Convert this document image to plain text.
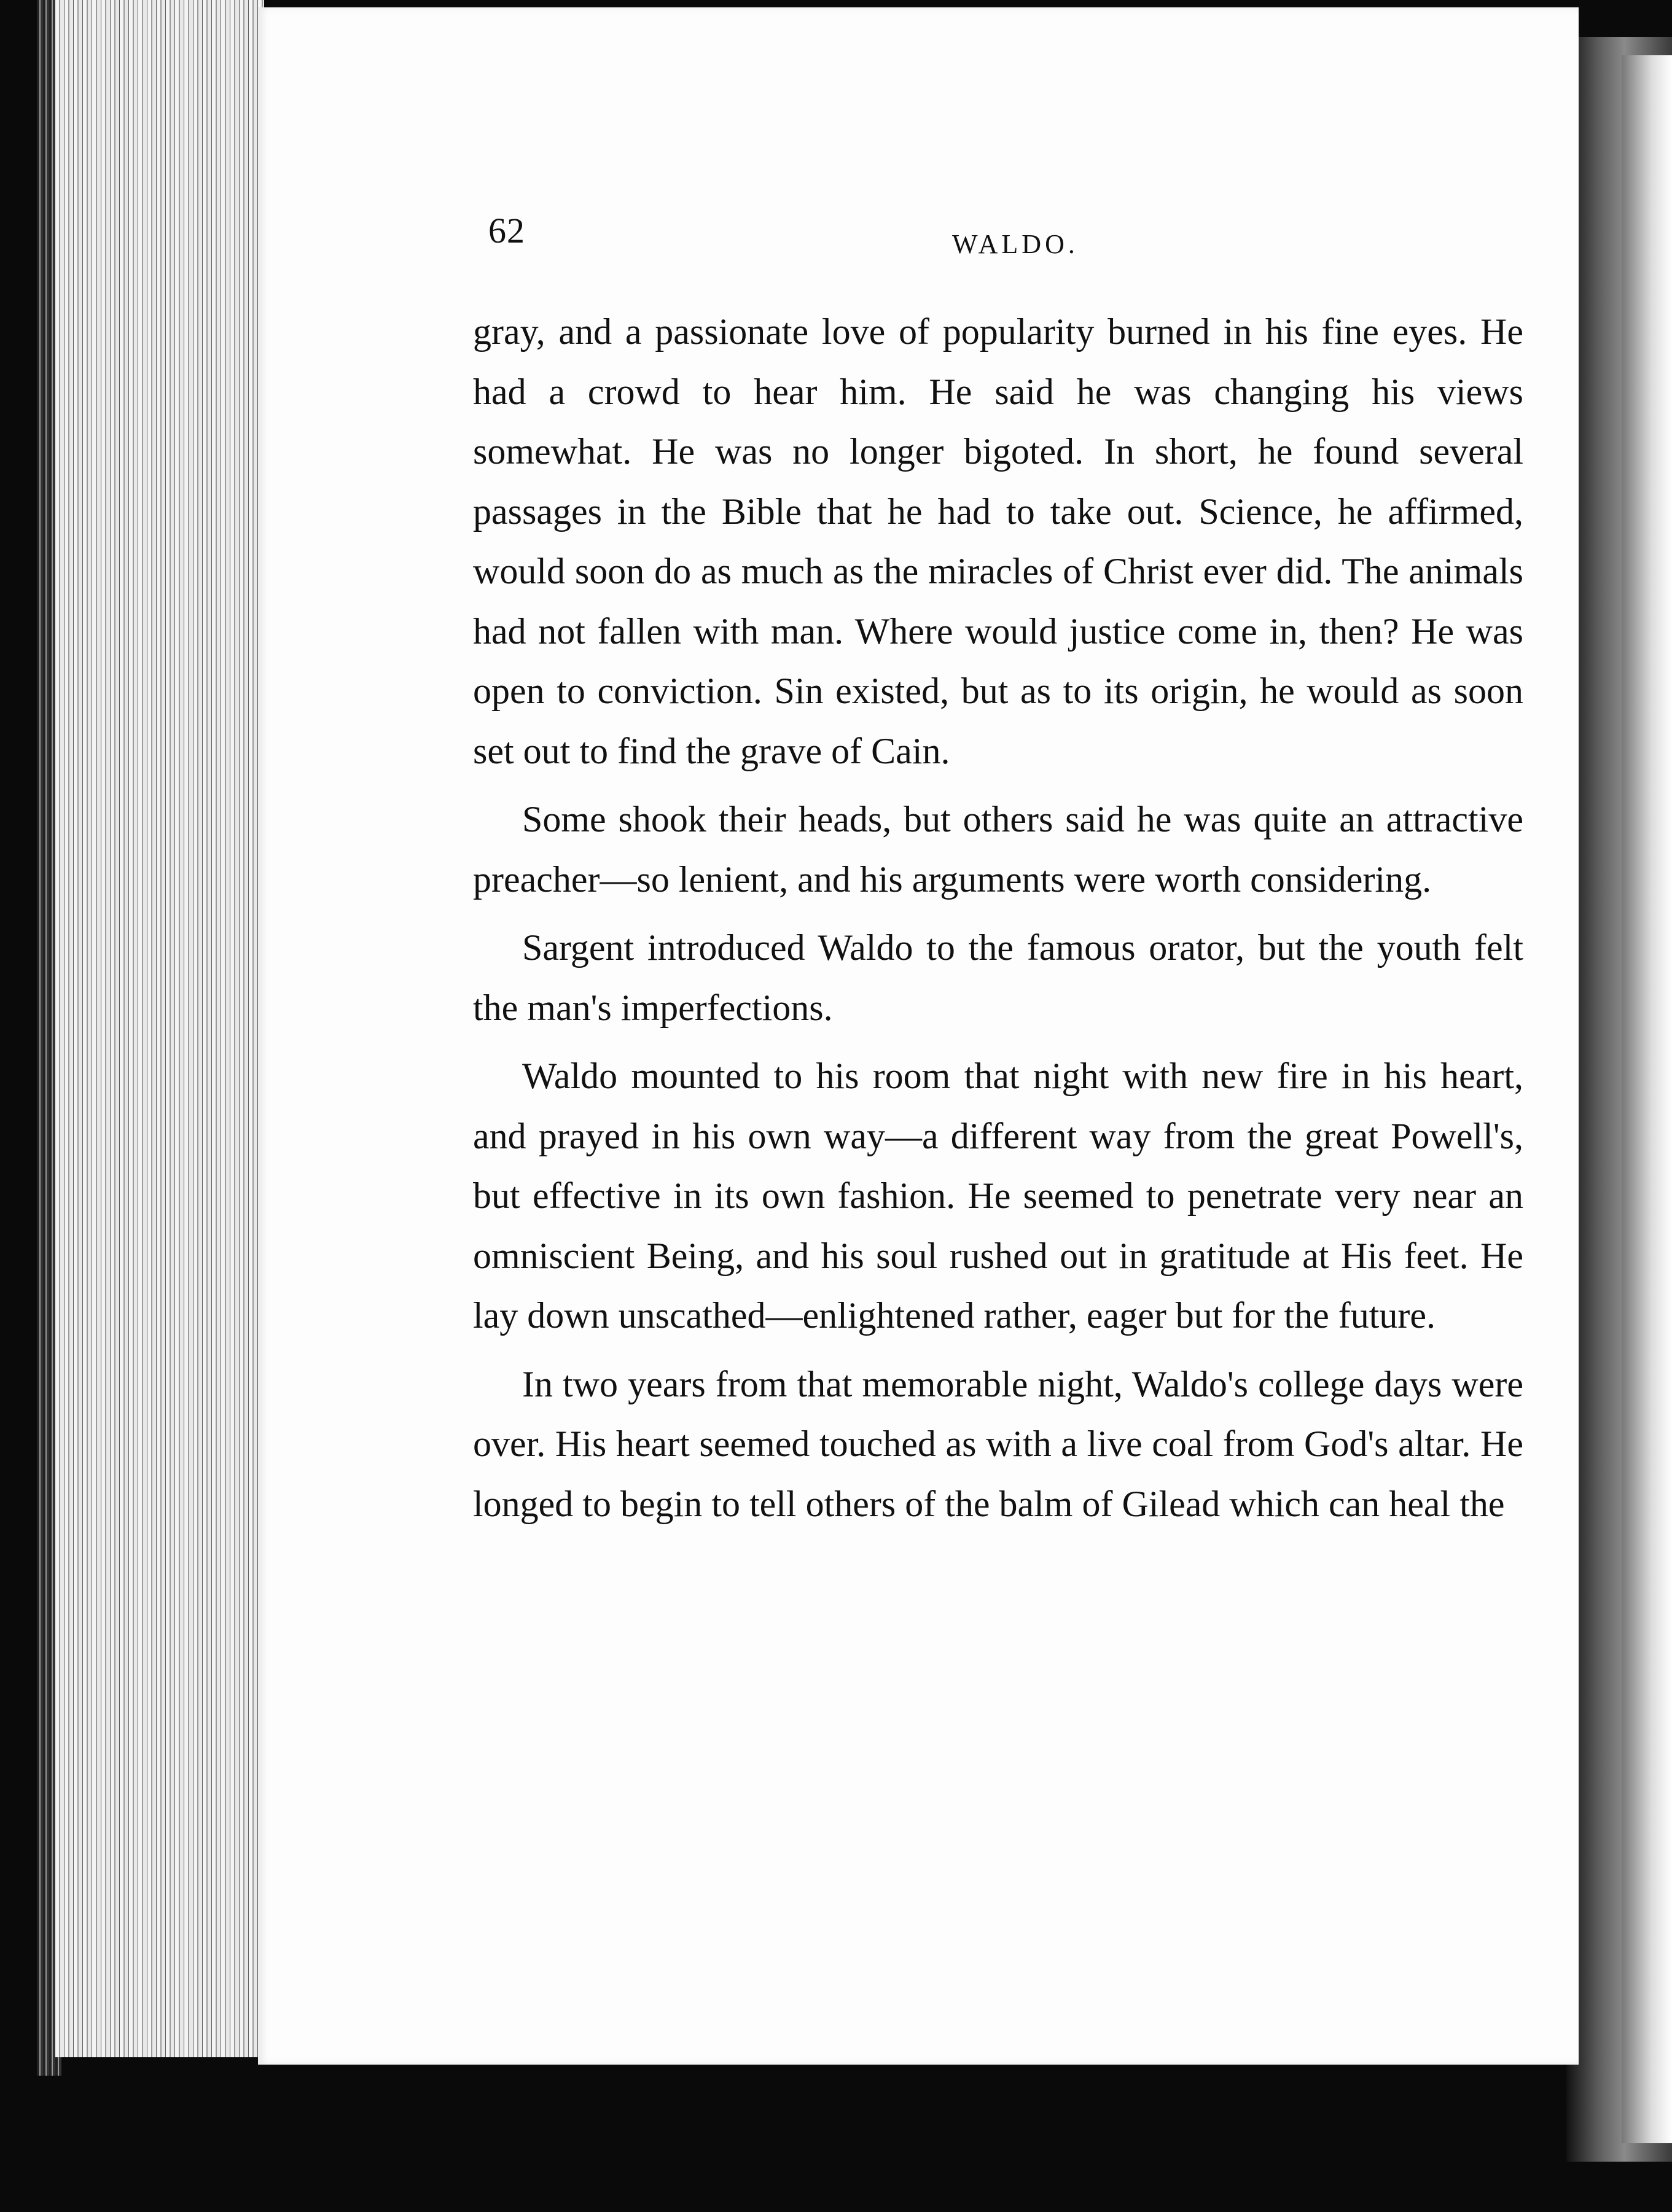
62	WALDO.

gray, and a passionate love of popularity burned in his fine eyes. He had a crowd to hear him. He said he was changing his views somewhat. He was no longer bigoted. In short, he found several passages in the Bible that he had to take out. Science, he affirmed, would soon do as much as the miracles of Christ ever did. The animals had not fallen with man. Where would justice come in, then? He was open to conviction. Sin existed, but as to its origin, he would as soon set out to find the grave of Cain.

Some shook their heads, but others said he was quite an attractive preacher—so lenient, and his arguments were worth considering.

Sargent introduced Waldo to the famous orator, but the youth felt the man's imperfections.

Waldo mounted to his room that night with new fire in his heart, and prayed in his own way—a different way from the great Powell's, but effective in its own fashion. He seemed to penetrate very near an omniscient Being, and his soul rushed out in gratitude at His feet. He lay down unscathed—enlightened rather, eager but for the future.

In two years from that memorable night, Waldo's college days were over. His heart seemed touched as with a live coal from God's altar. He longed to begin to tell others of the balm of Gilead which can heal the
